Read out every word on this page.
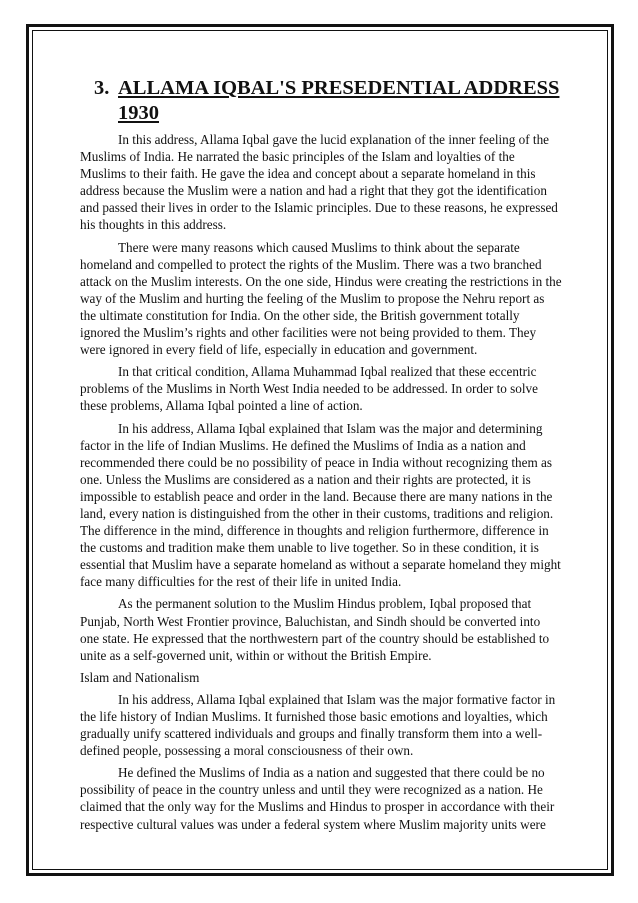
3. ALLAMA IQBAL'S PRESEDENTIAL ADDRESS 1930

In this address, Allama Iqbal gave the lucid explanation of the inner feeling of the Muslims of India. He narrated the basic principles of the Islam and loyalties of the Muslims to their faith. He gave the idea and concept about a separate homeland in this address because the Muslim were a nation and had a right that they got the identification and passed their lives in order to the Islamic principles. Due to these reasons, he expressed his thoughts in this address.

There were many reasons which caused Muslims to think about the separate homeland and compelled to protect the rights of the Muslim. There was a two branched attack on the Muslim interests. On the one side, Hindus were creating the restrictions in the way of the Muslim and hurting the feeling of the Muslim to propose the Nehru report as the ultimate constitution for India. On the other side, the British government totally ignored the Muslim’s rights and other facilities were not being provided to them. They were ignored in every field of life, especially in education and government.

In that critical condition, Allama Muhammad Iqbal realized that these eccentric problems of the Muslims in North West India needed to be addressed. In order to solve these problems, Allama Iqbal pointed a line of action.

In his address, Allama Iqbal explained that Islam was the major and determining factor in the life of Indian Muslims. He defined the Muslims of India as a nation and recommended there could be no possibility of peace in India without recognizing them as one. Unless the Muslims are considered as a nation and their rights are protected, it is impossible to establish peace and order in the land. Because there are many nations in the land, every nation is distinguished from the other in their customs, traditions and religion. The difference in the mind, difference in thoughts and religion furthermore, difference in the customs and tradition make them unable to live together. So in these condition, it is essential that Muslim have a separate homeland as without a separate homeland they might face many difficulties for the rest of their life in united India.

As the permanent solution to the Muslim Hindus problem, Iqbal proposed that Punjab, North West Frontier province, Baluchistan, and Sindh should be converted into one state. He expressed that the northwestern part of the country should be established to unite as a self-governed unit, within or without the British Empire.

Islam and Nationalism

In his address, Allama Iqbal explained that Islam was the major formative factor in the life history of Indian Muslims. It furnished those basic emotions and loyalties, which gradually unify scattered individuals and groups and finally transform them into a well-defined people, possessing a moral consciousness of their own.

He defined the Muslims of India as a nation and suggested that there could be no possibility of peace in the country unless and until they were recognized as a nation. He claimed that the only way for the Muslims and Hindus to prosper in accordance with their respective cultural values was under a federal system where Muslim majority units were
